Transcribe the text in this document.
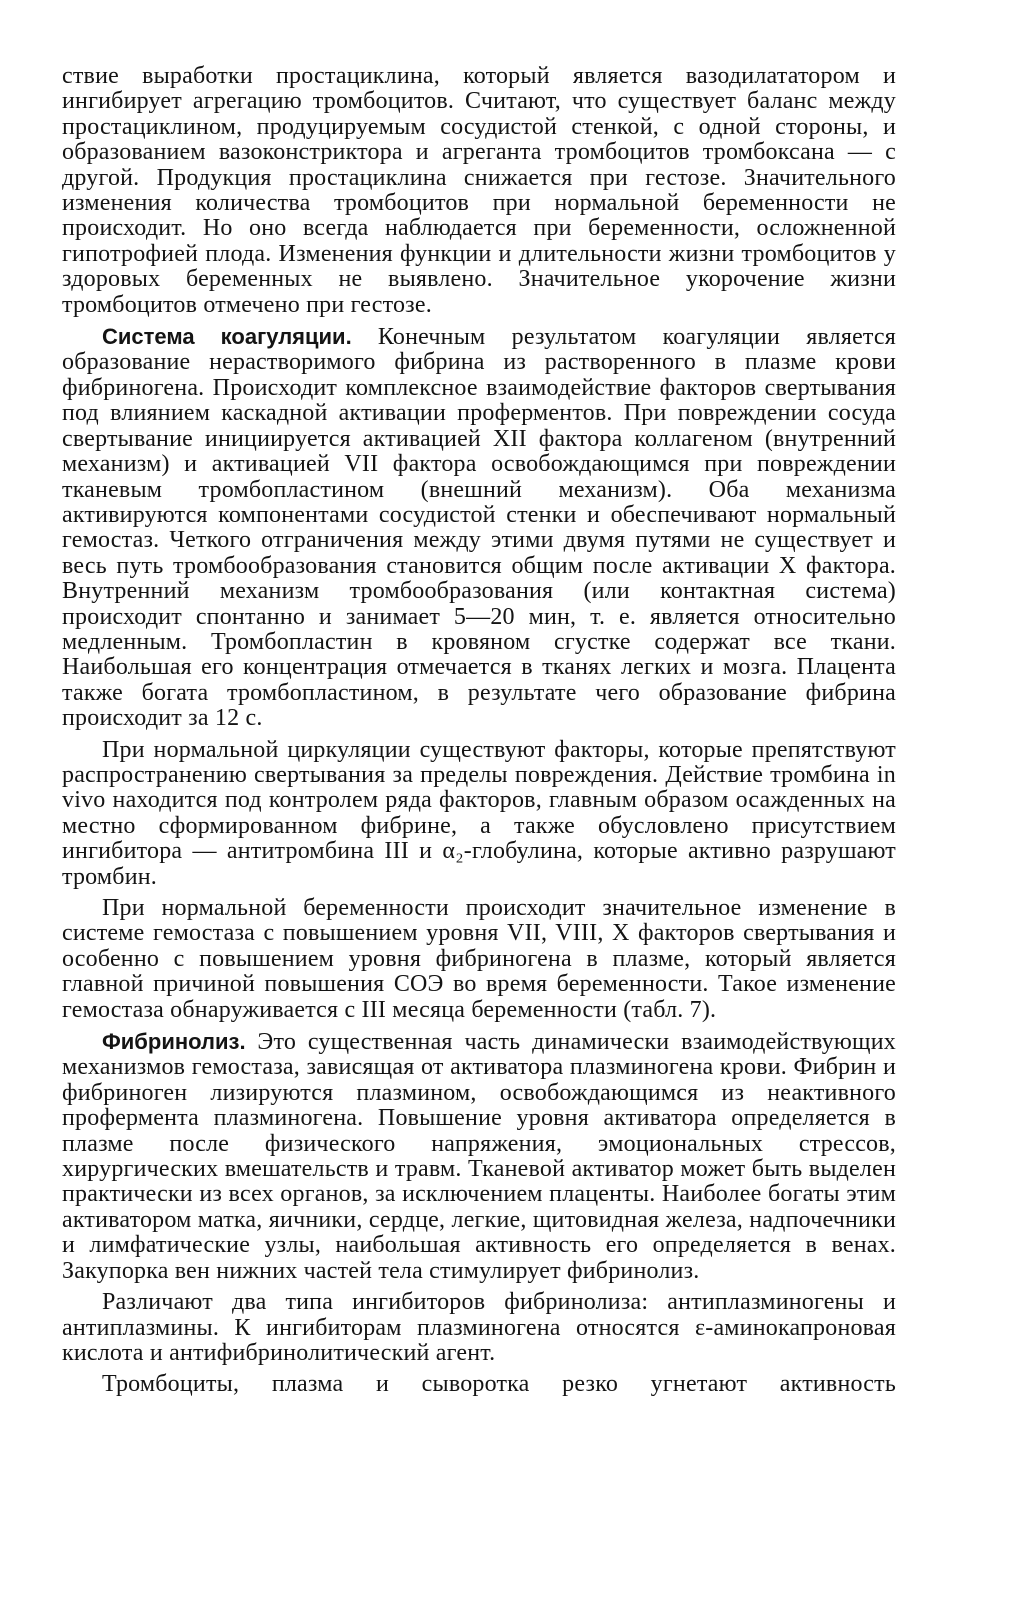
ствие выработки простациклина, который является вазодилататором и ингибирует агрегацию тромбоцитов. Считают, что существует баланс между простациклином, продуцируемым сосудистой стенкой, с одной стороны, и образованием вазоконстриктора и агреганта тромбоцитов тромбоксана — с другой. Продукция простациклина снижается при гестозе. Значительного изменения количества тромбоцитов при нормальной беременности не происходит. Но оно всегда наблюдается при беременности, осложненной гипотрофией плода. Изменения функции и длительности жизни тромбоцитов у здоровых беременных не выявлено. Значительное укорочение жизни тромбоцитов отмечено при гестозе.

Система коагуляции. Конечным результатом коагуляции является образование нерастворимого фибрина из растворенного в плазме крови фибриногена. Происходит комплексное взаимодействие факторов свертывания под влиянием каскадной активации проферментов. При повреждении сосуда свертывание инициируется активацией XII фактора коллагеном (внутренний механизм) и активацией VII фактора освобождающимся при повреждении тканевым тромбопластином (внешний механизм). Оба механизма активируются компонентами сосудистой стенки и обеспечивают нормальный гемостаз. Четкого отграничения между этими двумя путями не существует и весь путь тромбообразования становится общим после активации X фактора. Внутренний механизм тромбообразования (или контактная система) происходит спонтанно и занимает 5—20 мин, т. е. является относительно медленным. Тромбопластин в кровяном сгустке содержат все ткани. Наибольшая его концентрация отмечается в тканях легких и мозга. Плацента также богата тромбопластином, в результате чего образование фибрина происходит за 12 с.

При нормальной циркуляции существуют факторы, которые препятствуют распространению свертывания за пределы повреждения. Действие тромбина in vivo находится под контролем ряда факторов, главным образом осажденных на местно сформированном фибрине, а также обусловлено присутствием ингибитора — антитромбина III и α₂-глобулина, которые активно разрушают тромбин.

При нормальной беременности происходит значительное изменение в системе гемостаза с повышением уровня VII, VIII, X факторов свертывания и особенно с повышением уровня фибриногена в плазме, который является главной причиной повышения СОЭ во время беременности. Такое изменение гемостаза обнаруживается с III месяца беременности (табл. 7).

Фибринолиз. Это существенная часть динамически взаимодействующих механизмов гемостаза, зависящая от активатора плазминогена крови. Фибрин и фибриноген лизируются плазмином, освобождающимся из неактивного профермента плазминогена. Повышение уровня активатора определяется в плазме после физического напряжения, эмоциональных стрессов, хирургических вмешательств и травм. Тканевой активатор может быть выделен практически из всех органов, за исключением плаценты. Наиболее богаты этим активатором матка, яичники, сердце, легкие, щитовидная железа, надпочечники и лимфатические узлы, наибольшая активность его определяется в венах. Закупорка вен нижних частей тела стимулирует фибринолиз.

Различают два типа ингибиторов фибринолиза: антиплазминогены и антиплазмины. К ингибиторам плазминогена относятся ε-аминокапроновая кислота и антифибринолитический агент.

Тромбоциты, плазма и сыворотка резко угнетают активность
